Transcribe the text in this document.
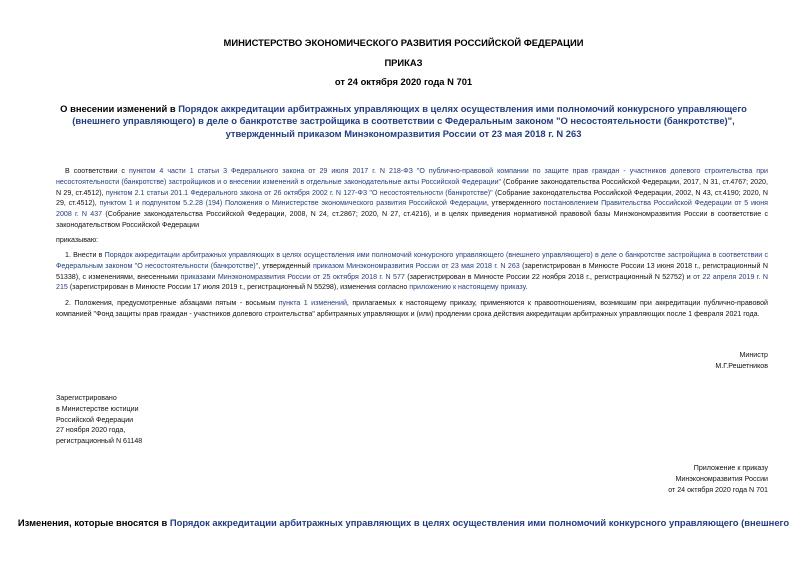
МИНИСТЕРСТВО ЭКОНОМИЧЕСКОГО РАЗВИТИЯ РОССИЙСКОЙ ФЕДЕРАЦИИ
ПРИКАЗ
от 24 октября 2020 года N 701
О внесении изменений в Порядок аккредитации арбитражных управляющих в целях осуществления ими полномочий конкурсного управляющего (внешнего управляющего) в деле о банкротстве застройщика в соответствии с Федеральным законом "О несостоятельности (банкротстве)", утвержденный приказом Минэкономразвития России от 23 мая 2018 г. N 263
В соответствии с пунктом 4 части 1 статьи 3 Федерального закона от 29 июля 2017 г. N 218-ФЗ "О публично-правовой компании по защите прав граждан - участников долевого строительства при несостоятельности (банкротстве) застройщиков и о внесении изменений в отдельные законодательные акты Российской Федерации" (Собрание законодательства Российской Федерации, 2017, N 31, ст.4767; 2020, N 29, ст.4512), пунктом 2.1 статьи 201.1 Федерального закона от 26 октября 2002 г. N 127-ФЗ "О несостоятельности (банкротстве)" (Собрание законодательства Российской Федерации, 2002, N 43, ст.4190; 2020, N 29, ст.4512), пунктом 1 и подпунктом 5.2.28 (194) Положения о Министерстве экономического развития Российской Федерации, утвержденного постановлением Правительства Российской Федерации от 5 июня 2008 г. N 437 (Собрание законодательства Российской Федерации, 2008, N 24, ст.2867; 2020, N 27, ст.4216), и в целях приведения нормативной правовой базы Минэкономразвития России в соответствие с законодательством Российской Федерации
приказываю:
1. Внести в Порядок аккредитации арбитражных управляющих в целях осуществления ими полномочий конкурсного управляющего (внешнего управляющего) в деле о банкротстве застройщика в соответствии с Федеральным законом "О несостоятельности (банкротстве)", утвержденный приказом Минэкономразвития России от 23 мая 2018 г. N 263 (зарегистрирован в Минюсте России 13 июня 2018 г., регистрационный N 51338), с изменениями, внесенными приказами Минэкономразвития России от 25 октября 2018 г. N 577 (зарегистрирован в Минюсте России 22 ноября 2018 г., регистрационный N 52752) и от 22 апреля 2019 г. N 215 (зарегистрирован в Минюсте России 17 июля 2019 г., регистрационный N 55298), изменения согласно приложению к настоящему приказу.
2. Положения, предусмотренные абзацами пятым - восьмым пункта 1 изменений, прилагаемых к настоящему приказу, применяются к правоотношениям, возникшим при аккредитации публично-правовой компанией "Фонд защиты прав граждан - участников долевого строительства" арбитражных управляющих и (или) продлении срока действия аккредитации арбитражных управляющих после 1 февраля 2021 года.
Министр
М.Г.Решетников
Зарегистрировано
в Министерстве юстиции
Российской Федерации
27 ноября 2020 года,
регистрационный N 61148
Приложение к приказу
Минэкономразвития России
от 24 октября 2020 года N 701
Изменения, которые вносятся в Порядок аккредитации арбитражных управляющих в целях осуществления ими полномочий конкурсного управляющего (внешнего
